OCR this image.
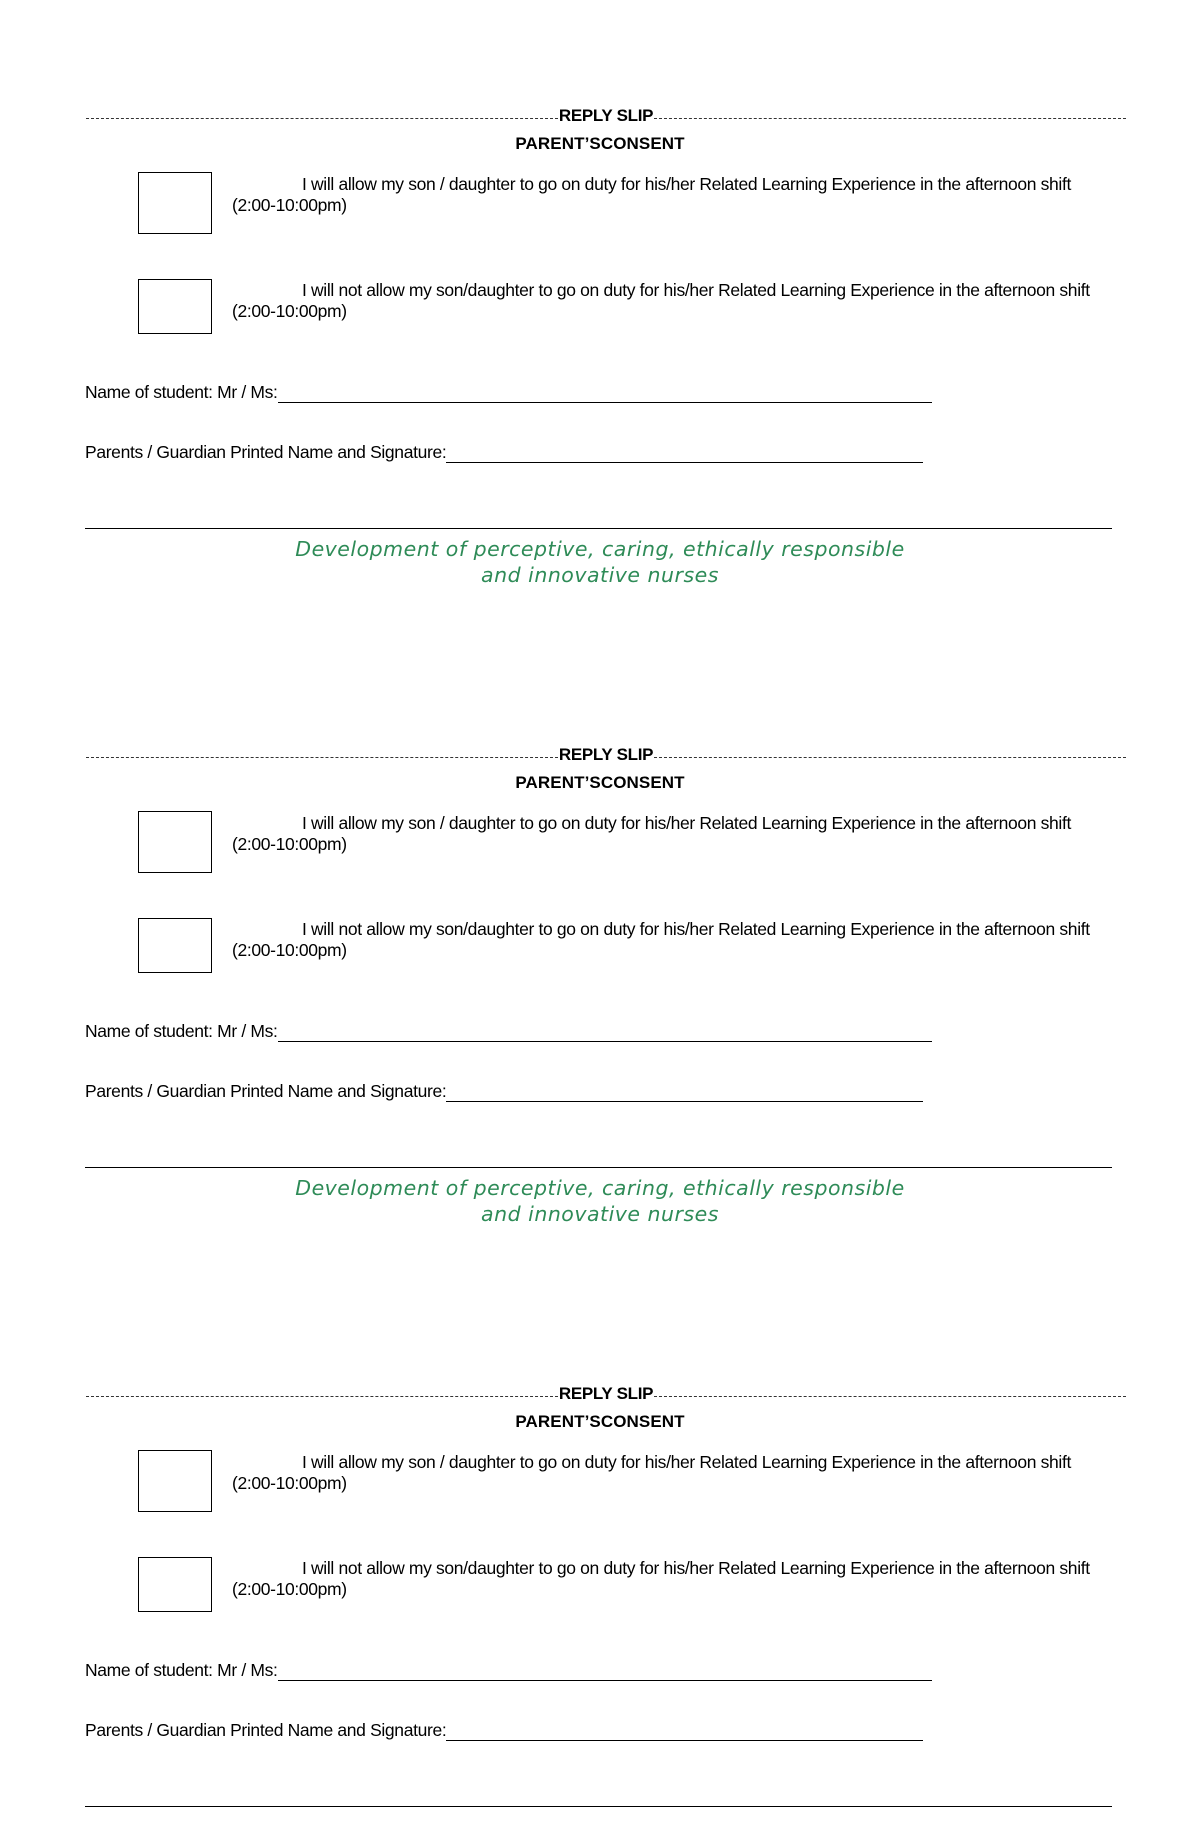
REPLY SLIP
PARENT’SCONSENT
I will allow my son / daughter to go on duty for his/her Related Learning Experience in the afternoon shift (2:00-10:00pm)
I will not allow my son/daughter to go on duty for his/her Related Learning Experience in the afternoon shift (2:00-10:00pm)
Name of student: Mr / Ms:
Parents / Guardian Printed Name and Signature:
Development of perceptive, caring, ethically responsible
and innovative nurses
REPLY SLIP
PARENT’SCONSENT
I will allow my son / daughter to go on duty for his/her Related Learning Experience in the afternoon shift (2:00-10:00pm)
I will not allow my son/daughter to go on duty for his/her Related Learning Experience in the afternoon shift (2:00-10:00pm)
Name of student: Mr / Ms:
Parents / Guardian Printed Name and Signature:
Development of perceptive, caring, ethically responsible
and innovative nurses
REPLY SLIP
PARENT’SCONSENT
I will allow my son / daughter to go on duty for his/her Related Learning Experience in the afternoon shift (2:00-10:00pm)
I will not allow my son/daughter to go on duty for his/her Related Learning Experience in the afternoon shift (2:00-10:00pm)
Name of student: Mr / Ms:
Parents / Guardian Printed Name and Signature:
